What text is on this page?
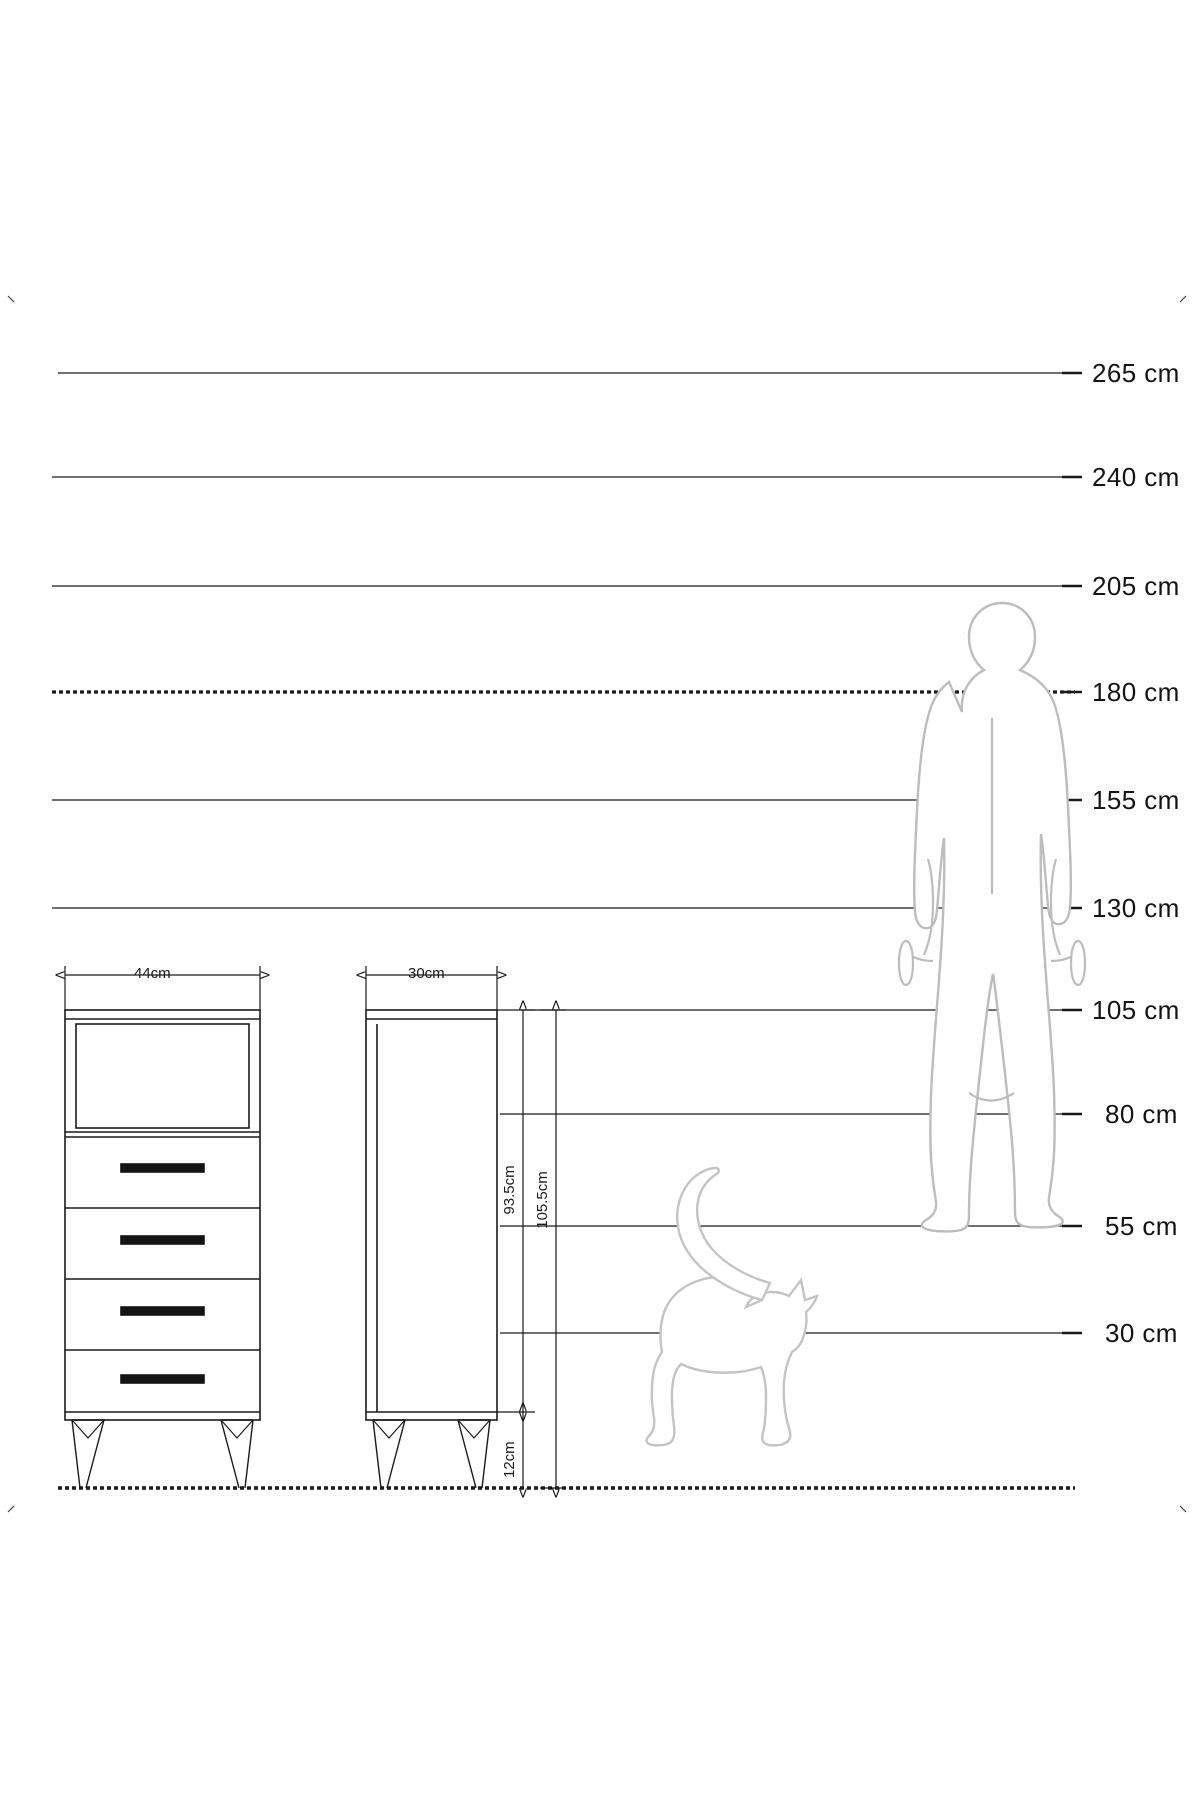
265 cm
240 cm
205 cm
180 cm
155 cm
130 cm
105 cm
80 cm
55 cm
30 cm
44cm	30cm
93.5cm 105.5cm
12cm
